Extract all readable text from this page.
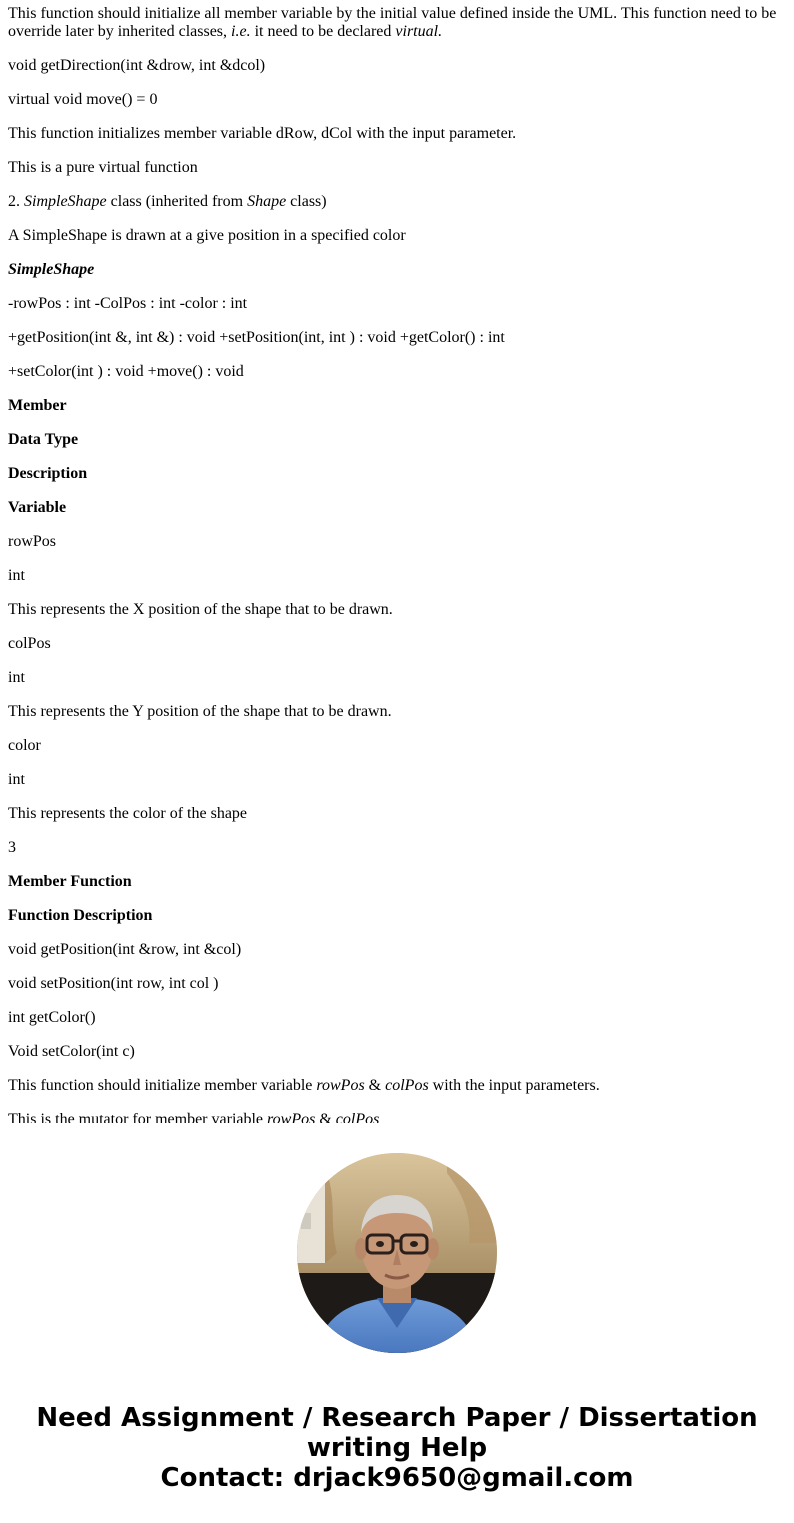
This function should initialize all member variable by the initial value defined inside the UML. This function need to be override later by inherited classes, i.e. it need to be declared virtual.

void getDirection(int &drow, int &dcol)

virtual void move() = 0

This function initializes member variable dRow, dCol with the input parameter.

This is a pure virtual function

2. SimpleShape class (inherited from Shape class)

A SimpleShape is drawn at a give position in a specified color

SimpleShape

-rowPos : int -ColPos : int -color : int

+getPosition(int &, int &) : void +setPosition(int, int ) : void +getColor() : int

+setColor(int ) : void +move() : void

Member

Data Type

Description

Variable

rowPos

int

This represents the X position of the shape that to be drawn.

colPos

int

This represents the Y position of the shape that to be drawn.

color

int

This represents the color of the shape

3

Member Function

Function Description

void getPosition(int &row, int &col)

void setPosition(int row, int col )

int getColor()

Void setColor(int c)

This function should initialize member variable rowPos & colPos with the input parameters.

This is the mutator for member variable rowPos & colPos

Need Assignment / Research Paper / Dissertation
writing Help
Contact: drjack9650@gmail.com
